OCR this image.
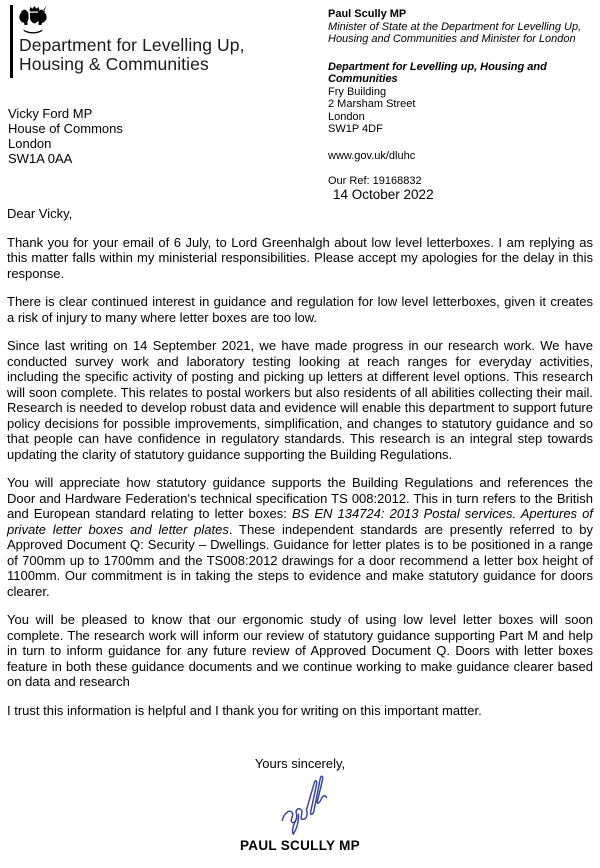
Department for Levelling Up, Housing & Communities
Vicky Ford MP
House of Commons
London
SW1A 0AA
Paul Scully MP
Minister of State at the Department for Levelling Up, Housing and Communities and Minister for London
Department for Levelling up, Housing and Communities
Fry Building
2 Marsham Street
London
SW1P 4DF
www.gov.uk/dluhc
Our Ref: 19168832
14 October 2022
Dear Vicky,

Thank you for your email of 6 July, to Lord Greenhalgh about low level letterboxes. I am replying as this matter falls within my ministerial responsibilities. Please accept my apologies for the delay in this response.

There is clear continued interest in guidance and regulation for low level letterboxes, given it creates a risk of injury to many where letter boxes are too low.

Since last writing on 14 September 2021, we have made progress in our research work. We have conducted survey work and laboratory testing looking at reach ranges for everyday activities, including the specific activity of posting and picking up letters at different level options. This research will soon complete. This relates to postal workers but also residents of all abilities collecting their mail. Research is needed to develop robust data and evidence will enable this department to support future policy decisions for possible improvements, simplification, and changes to statutory guidance and so that people can have confidence in regulatory standards. This research is an integral step towards updating the clarity of statutory guidance supporting the Building Regulations.

You will appreciate how statutory guidance supports the Building Regulations and references the Door and Hardware Federation's technical specification TS 008:2012. This in turn refers to the British and European standard relating to letter boxes: BS EN 134724: 2013 Postal services. Apertures of private letter boxes and letter plates. These independent standards are presently referred to by Approved Document Q: Security – Dwellings. Guidance for letter plates is to be positioned in a range of 700mm up to 1700mm and the TS008:2012 drawings for a door recommend a letter box height of 1100mm. Our commitment is in taking the steps to evidence and make statutory guidance for doors clearer.

You will be pleased to know that our ergonomic study of using low level letter boxes will soon complete. The research work will inform our review of statutory guidance supporting Part M and help in turn to inform guidance for any future review of Approved Document Q. Doors with letter boxes feature in both these guidance documents and we continue working to make guidance clearer based on data and research

I trust this information is helpful and I thank you for writing on this important matter.

Yours sincerely,
PAUL SCULLY MP
